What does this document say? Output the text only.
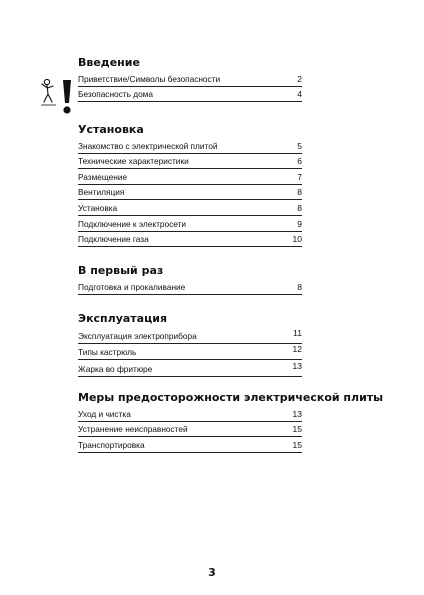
Введение
Приветствие/Символы безопасности	2
Безопасность дома	4
Установка
Знакомство с электрической плитой	5
Технические характеристики	6
Размещение	7
Вентиляция	8
Установка	8
Подключение к электросети	9
Подключение газа	10
В первый раз
Подготовка и прокаливание	8
Эксплуатация
Эксплуатация электроприбора	11
Типы кастрюль	12
Жарка во фритюре	13
Меры предосторожности электрической плиты
Уход и чистка	13
Устранение неисправностей	15
Транспортировка	15
3
